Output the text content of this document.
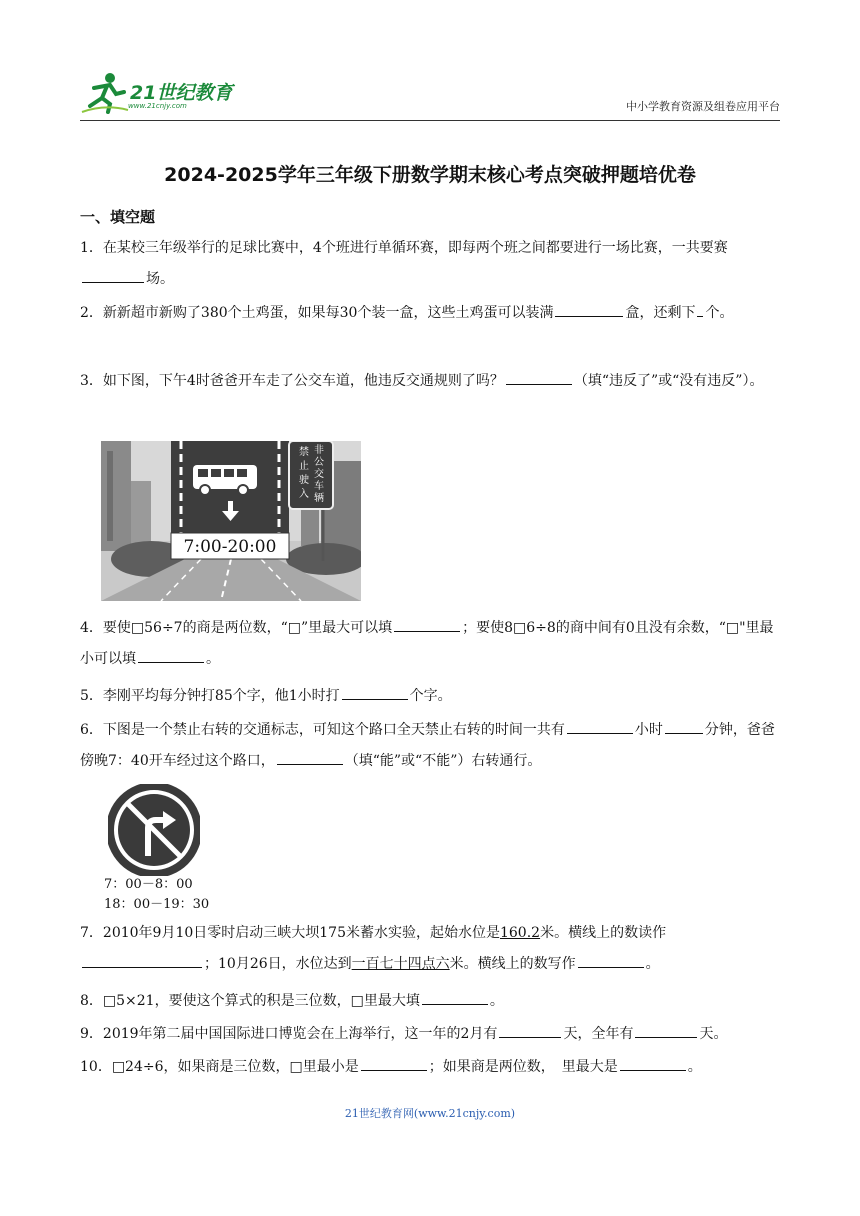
21世纪教育
www.21cnjy.com	中小学教育资源及组卷应用平台
2024-2025学年三年级下册数学期末核心考点突破押题培优卷
一、填空题
1．在某校三年级举行的足球比赛中，4个班进行单循环赛，即每两个班之间都要进行一场比赛，一共要赛场。
2．新新超市新购了380个土鸡蛋，如果每30个装一盒，这些土鸡蛋可以装满	盒，还剩下 个。
3．如下图，下午4时爸爸开车走了公交车道，他违反交通规则了吗？	（填“违反了”或“没有违反”）。
7:00-20:00
禁
止
驶
入
非
公
交
车
辆
4．要使□56÷7的商是两位数，“□”里最大可以填	；要使8□6÷8的商中间有0且没有余数，“□"里最小可以填	。
5．李刚平均每分钟打85个字，他1小时打	个字。
6．下图是一个禁止右转的交通标志，可知这个路口全天禁止右转的时间一共有	小时	分钟，爸爸傍晚7：40开车经过这个路口，	（填“能”或“不能”）右转通行。
7：00－8：00
18：00－19：30
7．2010年9月10日零时启动三峡大坝175米蓄水实验，起始水位是160.2米。横线上的数读作；10月26日，水位达到一百七十四点六米。横线上的数写作	。
8．□5×21，要使这个算式的积是三位数，□里最大填	。
9．2019年第二届中国国际进口博览会在上海举行，这一年的2月有	天，全年有	天。
10．□24÷6，如果商是三位数，□里最小是	；如果商是两位数，　里最大是	。
21世纪教育网(www.21cnjy.com)
